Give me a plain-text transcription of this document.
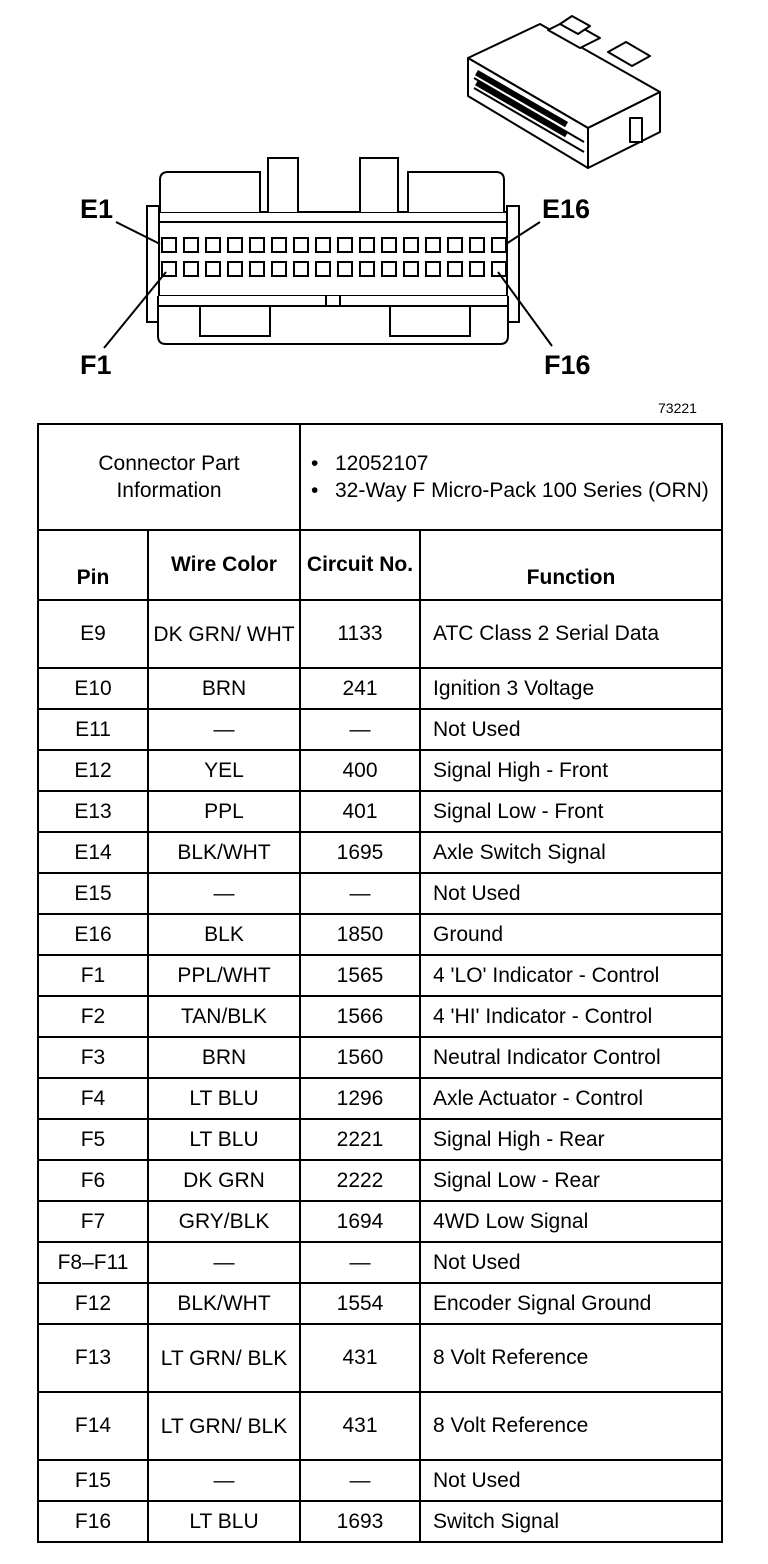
E1	E16
F1	F16
73221
Connector Part Information		• 12052107
• 32-Way F Micro-Pack 100 Series (ORN)	

Pin	Wire Color	Circuit No.	Function
E9	DK GRN/ WHT	1133	ATC Class 2 Serial Data
E10	BRN	241	Ignition 3 Voltage
E11	—	—	Not Used
E12	YEL	400	Signal High - Front
E13	PPL	401	Signal Low - Front
E14	BLK/WHT	1695	Axle Switch Signal
E15	—	—	Not Used
E16	BLK	1850	Ground
F1	PPL/WHT	1565	4 'LO' Indicator - Control
F2	TAN/BLK	1566	4 'HI' Indicator - Control
F3	BRN	1560	Neutral Indicator Control
F4	LT BLU	1296	Axle Actuator - Control
F5	LT BLU	2221	Signal High - Rear
F6	DK GRN	2222	Signal Low - Rear
F7	GRY/BLK	1694	4WD Low Signal
F8–F11	—	—	Not Used
F12	BLK/WHT	1554	Encoder Signal Ground
F13	LT GRN/ BLK	431	8 Volt Reference
F14	LT GRN/ BLK	431	8 Volt Reference
F15	—	—	Not Used
F16	LT BLU	1693	Switch Signal
